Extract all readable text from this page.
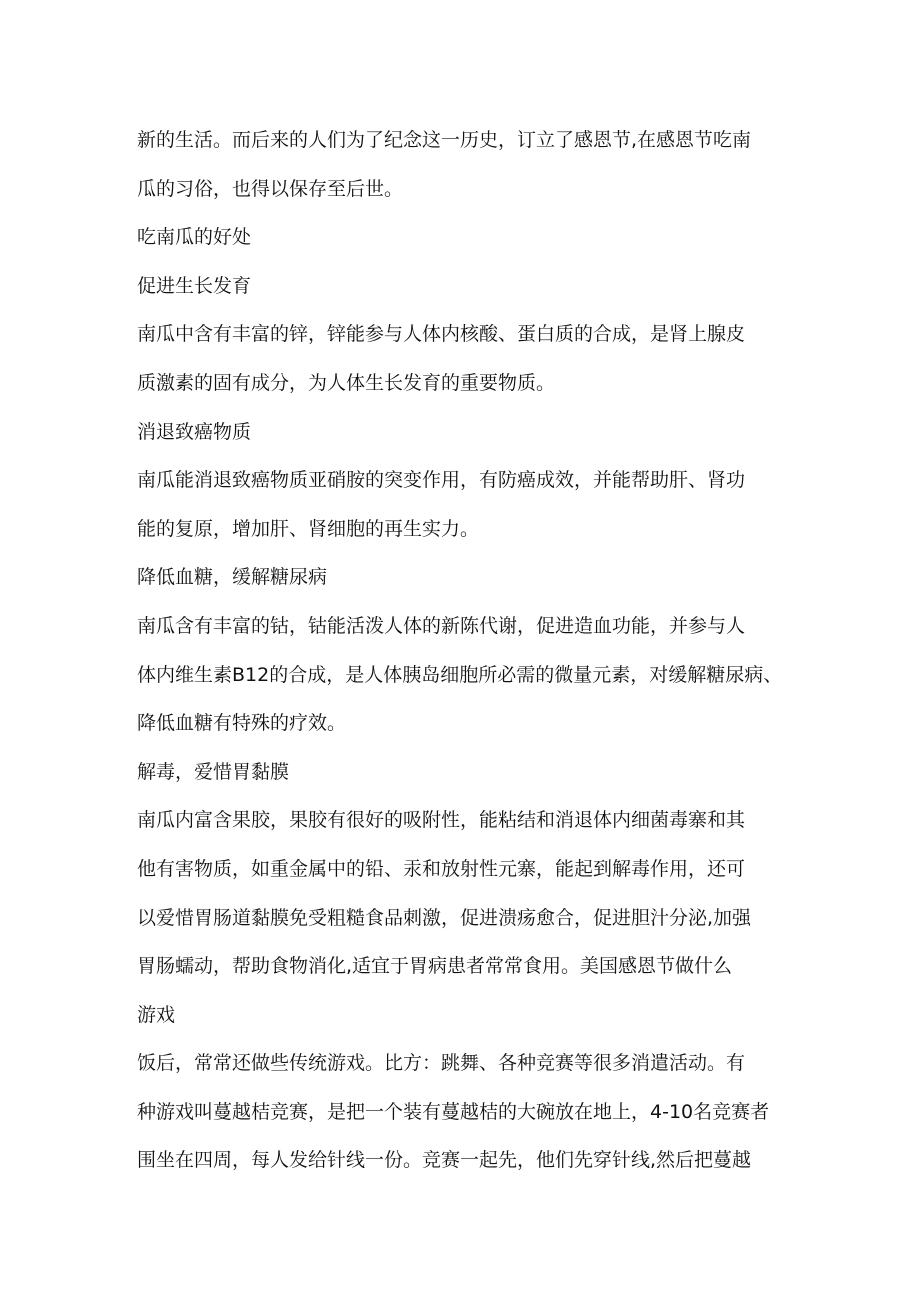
新的生活。而后来的人们为了纪念这一历史，订立了感恩节,在感恩节吃南
瓜的习俗，也得以保存至后世。
吃南瓜的好处
促进生长发育
南瓜中含有丰富的锌，锌能参与人体内核酸、蛋白质的合成，是肾上腺皮
质激素的固有成分，为人体生长发育的重要物质。
消退致癌物质
南瓜能消退致癌物质亚硝胺的突变作用，有防癌成效，并能帮助肝、肾功
能的复原，增加肝、肾细胞的再生实力。
降低血糖，缓解糖尿病
南瓜含有丰富的钴，钴能活泼人体的新陈代谢，促进造血功能，并参与人
体内维生素B12的合成，是人体胰岛细胞所必需的微量元素，对缓解糖尿病、
降低血糖有特殊的疗效。
解毒，爱惜胃黏膜
南瓜内富含果胶，果胶有很好的吸附性，能粘结和消退体内细菌毒寨和其
他有害物质，如重金属中的铅、汞和放射性元寨，能起到解毒作用，还可
以爱惜胃肠道黏膜免受粗糙食品刺激，促进溃疡愈合，促进胆汁分泌,加强
胃肠蠕动，帮助食物消化,适宜于胃病患者常常食用。美国感恩节做什么
游戏
饭后，常常还做些传统游戏。比方：跳舞、各种竞赛等很多消遣活动。有
种游戏叫蔓越桔竞赛，是把一个装有蔓越桔的大碗放在地上，4-10名竞赛者
围坐在四周，每人发给针线一份。竞赛一起先，他们先穿针线,然后把蔓越
